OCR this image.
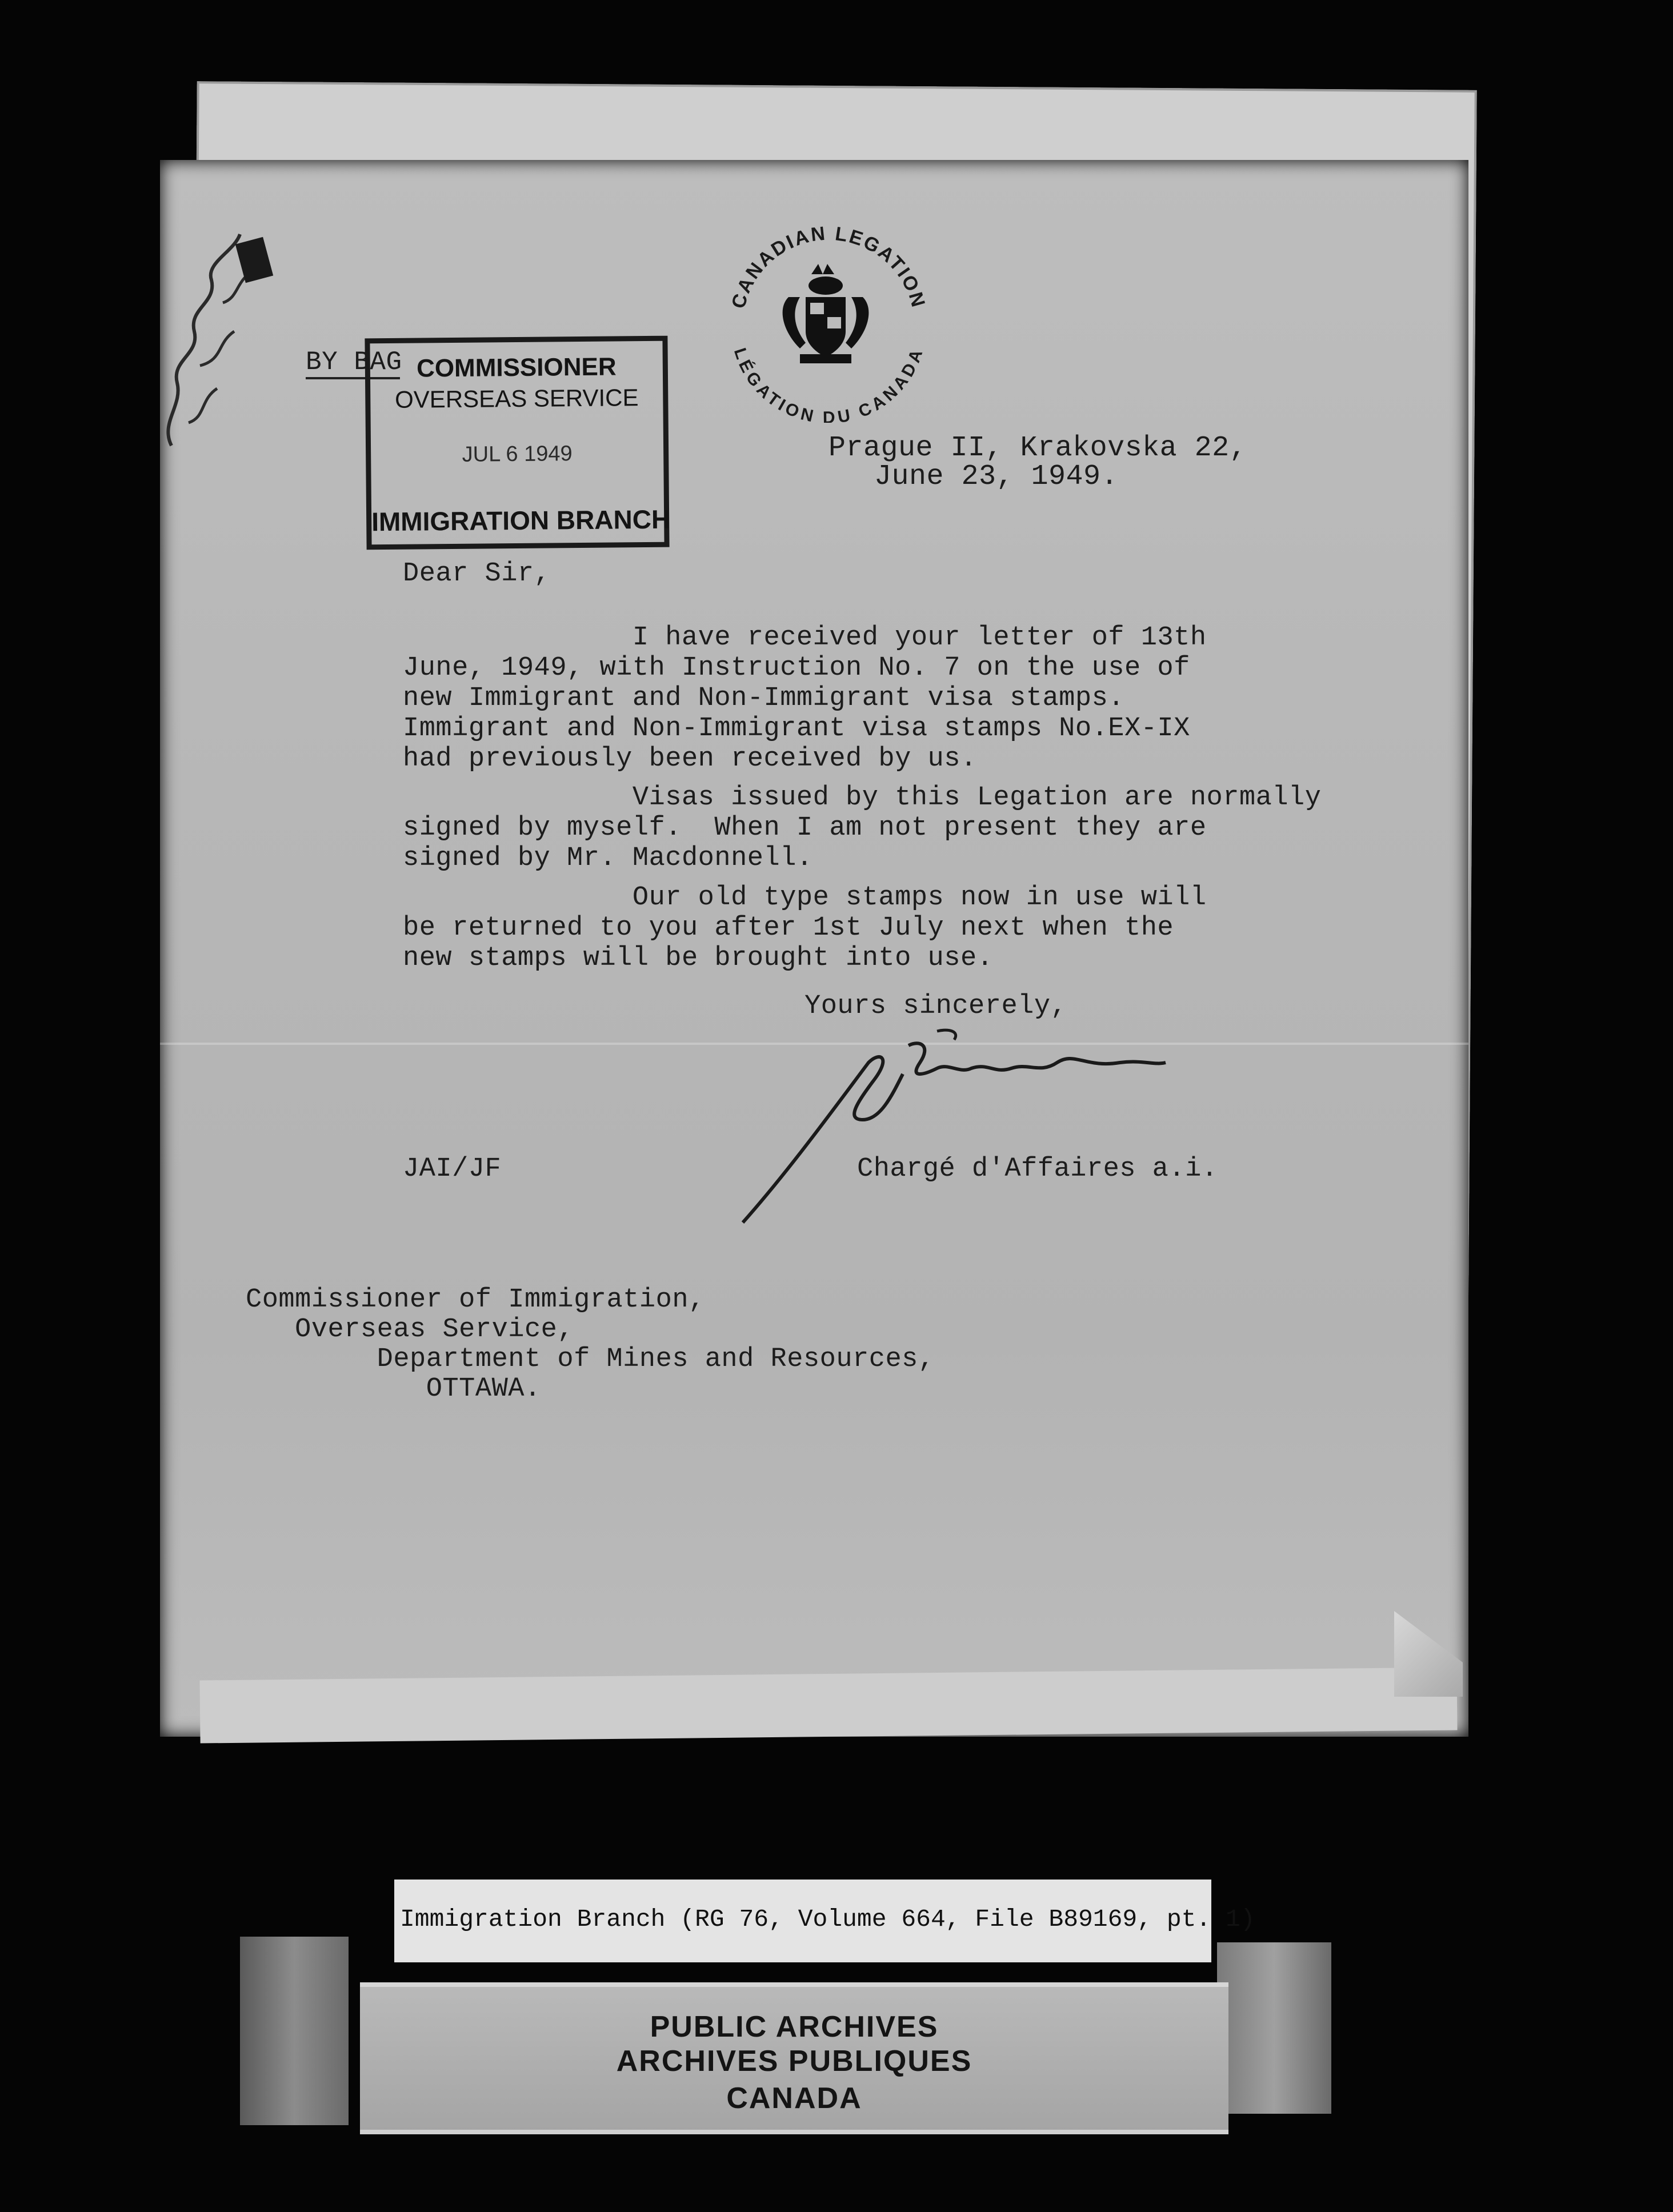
BY BAG COMMISSIONER
OVERSEAS SERVICE
JUL 6 1949
IMMIGRATION BRANCH
CANADIAN LEGATION
LÉGATION DU CANADA
Prague II, Krakovska 22,
June 23, 1949.
Dear Sir,
I have received your letter of 13th
June, 1949, with Instruction No. 7 on the use of
new Immigrant and Non-Immigrant visa stamps.
Immigrant and Non-Immigrant visa stamps No.EX-IX
had previously been received by us.
Visas issued by this Legation are normally
signed by myself.  When I am not present they are
signed by Mr. Macdonnell.
Our old type stamps now in use will
be returned to you after 1st July next when the
new stamps will be brought into use.
Yours sincerely,
JAI/JF	Chargé d'Affaires a.i.
Commissioner of Immigration,
Overseas Service,
Department of Mines and Resources,
OTTAWA.
Immigration Branch (RG 76, Volume 664, File B89169, pt. 1)
PUBLIC ARCHIVES
ARCHIVES PUBLIQUES
CANADA
